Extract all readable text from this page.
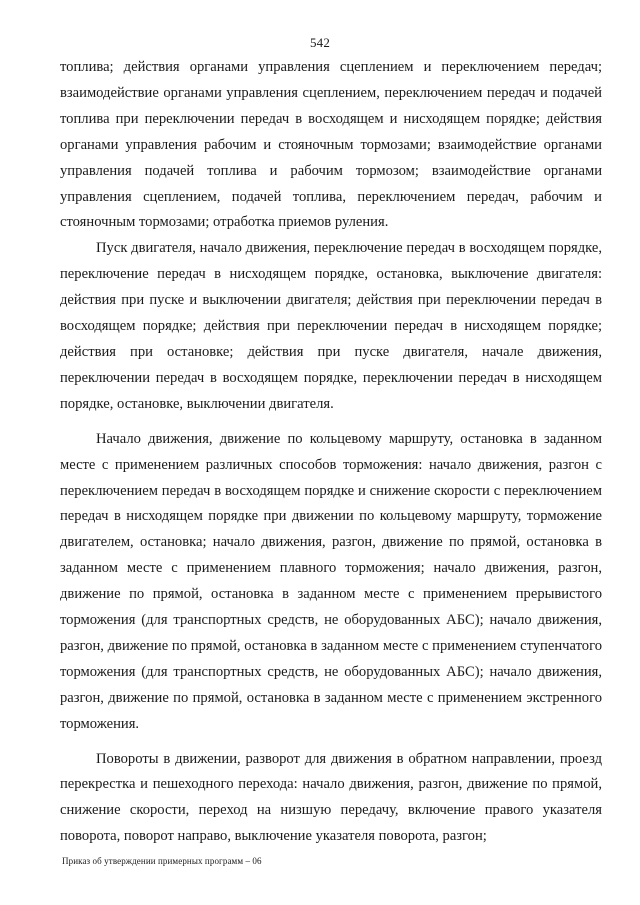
542

топлива; действия органами управления сцеплением и переключением передач; взаимодействие органами управления сцеплением, переключением передач и подачей топлива при переключении передач в восходящем и нисходящем порядке; действия органами управления рабочим и стояночным тормозами; взаимодействие органами управления подачей топлива и рабочим тормозом; взаимодействие органами управления сцеплением, подачей топлива, переключением передач, рабочим и стояночным тормозами; отработка приемов руления.

Пуск двигателя, начало движения, переключение передач в восходящем порядке, переключение передач в нисходящем порядке, остановка, выключение двигателя: действия при пуске и выключении двигателя; действия при переключении передач в восходящем порядке; действия при переключении передач в нисходящем порядке; действия при остановке; действия при пуске двигателя, начале движения, переключении передач в восходящем порядке, переключении передач в нисходящем порядке, остановке, выключении двигателя.

Начало движения, движение по кольцевому маршруту, остановка в заданном месте с применением различных способов торможения: начало движения, разгон с переключением передач в восходящем порядке и снижение скорости с переключением передач в нисходящем порядке при движении по кольцевому маршруту, торможение двигателем, остановка; начало движения, разгон, движение по прямой, остановка в заданном месте с применением плавного торможения; начало движения, разгон, движение по прямой, остановка в заданном месте с применением прерывистого торможения (для транспортных средств, не оборудованных АБС); начало движения, разгон, движение по прямой, остановка в заданном месте с применением ступенчатого торможения (для транспортных средств, не оборудованных АБС); начало движения, разгон, движение по прямой, остановка в заданном месте с применением экстренного торможения.

Повороты в движении, разворот для движения в обратном направлении, проезд перекрестка и пешеходного перехода: начало движения, разгон, движение по прямой, снижение скорости, переход на низшую передачу, включение правого указателя поворота, поворот направо, выключение указателя поворота, разгон;

Приказ об утверждении примерных программ – 06
